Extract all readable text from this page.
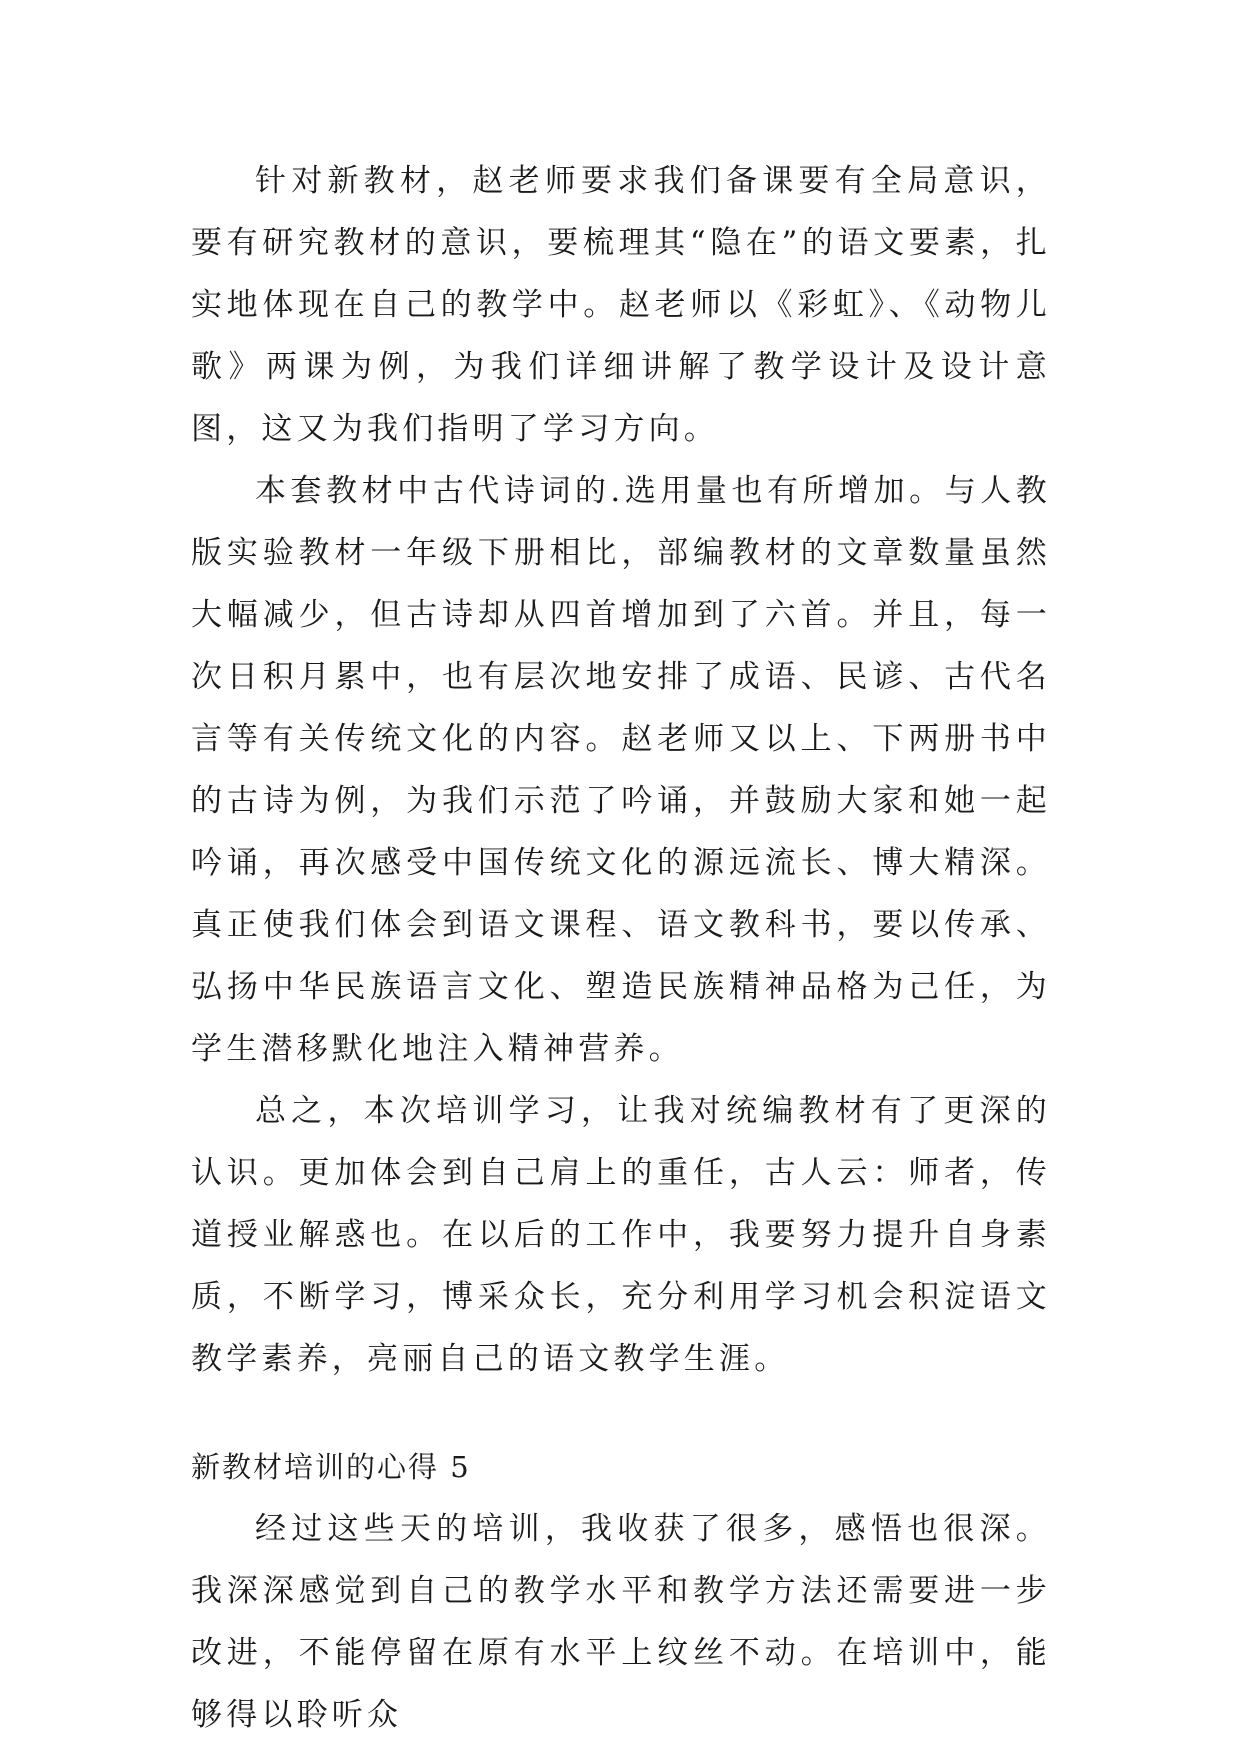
针对新教材，赵老师要求我们备课要有全局意识，要有研究教材的意识，要梳理其“隐在”的语文要素，扎实地体现在自己的教学中。赵老师以《彩虹》、《动物儿歌》两课为例，为我们详细讲解了教学设计及设计意图，这又为我们指明了学习方向。

本套教材中古代诗词的.选用量也有所增加。与人教版实验教材一年级下册相比，部编教材的文章数量虽然大幅减少，但古诗却从四首增加到了六首。并且，每一次日积月累中，也有层次地安排了成语、民谚、古代名言等有关传统文化的内容。赵老师又以上、下两册书中的古诗为例，为我们示范了吟诵，并鼓励大家和她一起吟诵，再次感受中国传统文化的源远流长、博大精深。真正使我们体会到语文课程、语文教科书，要以传承、弘扬中华民族语言文化、塑造民族精神品格为己任，为学生潜移默化地注入精神营养。

总之，本次培训学习，让我对统编教材有了更深的认识。更加体会到自己肩上的重任，古人云：师者，传道授业解惑也。在以后的工作中，我要努力提升自身素质，不断学习，博采众长，充分利用学习机会积淀语文教学素养，亮丽自己的语文教学生涯。

新教材培训的心得 5

经过这些天的培训，我收获了很多，感悟也很深。我深深感觉到自己的教学水平和教学方法还需要进一步改进，不能停留在原有水平上纹丝不动。在培训中，能够得以聆听众
